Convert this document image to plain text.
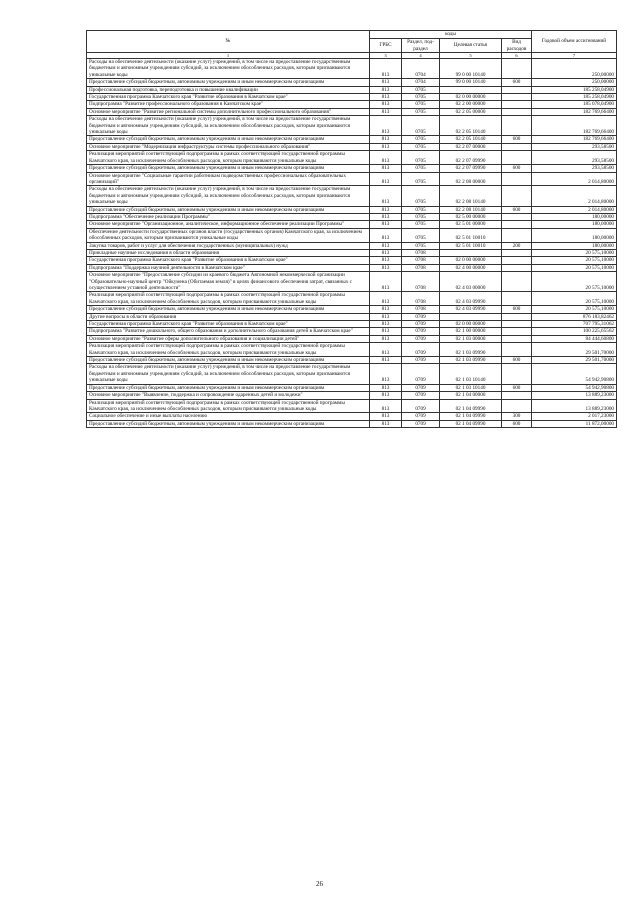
№	коды				Годовой объем ассигнований
	ГРБС	Раздел, под-раздел	Целевая статья	Вид расходов	
1	3	4	5	6	7
Расходы на обеспечение деятельности (оказание услуг) учреждений, в том числе на предоставление государственным бюджетным и автономным учреждениям субсидий, за исключением обособленных расходов, которым присваиваются уникальные коды	813	0704	99 0 00 10140		250,00000
Предоставление субсидий бюджетным, автономным учреждениям и иным некоммерческим организациям	813	0704	99 0 00 10140	600	250,00000
Профессиональная подготовка, переподготовка и повышение квалификации	813	0705			185 258,04900
Государственная программа Камчатского края "Развитие образования в Камчатском крае"	813	0705	02 0 00 00000		185 258,04900
Подпрограмма "Развитие профессионального образования в Камчатском крае"	813	0705	02 2 00 00000		185 078,04900
Основное мероприятие "Развитие региональной системы дополнительного профессионального образования"	813	0705	02 2 05 00000		182 769,66400
Расходы на обеспечение деятельности (оказание услуг) учреждений, в том числе на предоставление государственным бюджетным и автономным учреждениям субсидий, за исключением обособленных расходов, которым присваиваются уникальные коды	813	0705	02 2 05 10140		182 769,66400
Предоставление субсидий бюджетным, автономным учреждениям и иным некоммерческим организациям	813	0705	02 2 05 10140	600	182 769,66400
Основное мероприятие "Модернизация инфраструктуры системы профессионального образования"	813	0705	02 2 07 00000		293,58500
Реализация мероприятий соответствующей подпрограммы в рамках соответствующей государственной программы Камчатского края, за исключением обособленных расходов, которым присваиваются уникальные коды	813	0705	02 2 07 09990		293,58500
Предоставление субсидий бюджетным, автономным учреждениям и иным некоммерческим организациям	813	0705	02 2 07 09990	600	293,58500
Основное мероприятие "Социальные гарантии работникам подведомственных профессиональных образовательных организаций"	813	0705	02 2 08 00000		2 014,80000
Расходы на обеспечение деятельности (оказание услуг) учреждений, в том числе на предоставление государственным бюджетным и автономным учреждениям субсидий, за исключением обособленных расходов, которым присваиваются уникальные коды	813	0705	02 2 08 10140		2 014,80000
Предоставление субсидий бюджетным, автономным учреждениям и иным некоммерческим организациям	813	0705	02 2 08 10140	600	2 014,80000
Подпрограмма "Обеспечение реализации Программы"	813	0705	02 5 00 00000		180,00000
Основное мероприятие "Организационное, аналитическое, информационное обеспечение реализации Программы"	813	0705	02 5 01 00000		180,00000
Обеспечение деятельности государственных органов власти (государственных органов) Камчатского края, за исключением обособленных расходов, которым присваиваются уникальные коды	813	0705	02 5 01 10010		180,00000
Закупка товаров, работ и услуг для обеспечения государственных (муниципальных) нужд	813	0705	02 5 01 10010	200	180,00000
Прикладные научные исследования в области образования	813	0708			20 575,10000
Государственная программа Камчатского края "Развитие образования в Камчатском крае"	813	0708	02 0 00 00000		20 575,10000
Подпрограмма "Поддержка научной деятельности в Камчатском крае"	813	0708	02 4 00 00000		20 575,10000
Основное мероприятие "Предоставление субсидии из краевого бюджета Автономной некоммерческой организации "Образовательно-научный центр "Ойкумена (Обитаемая земля)" в целях финансового обеспечения затрат, связанных с осуществлением уставной деятельности"	813	0708	02 4 03 00000		20 575,10000
Реализация мероприятий соответствующей подпрограммы в рамках соответствующей государственной программы Камчатского края, за исключением обособленных расходов, которым присваиваются уникальные коды	813	0708	02 4 03 09990		20 575,10000
Предоставление субсидий бюджетным, автономным учреждениям и иным некоммерческим организациям	813	0708	02 4 03 09990	600	20 575,10000
Другие вопросы в области образования	813	0709			876 183,82462
Государственная программа Камчатского края "Развитие образования в Камчатском крае"	813	0709	02 0 00 00000		707 795,31062
Подпрограмма "Развитие дошкольного, общего образования и дополнительного образования детей в Камчатском крае"	813	0709	02 1 00 00000		100 225,65562
Основное мероприятие "Развитие сферы дополнительного образования и социализации детей"	813	0709	02 1 03 00000		84 444,60800
Реализация мероприятий соответствующей подпрограммы в рамках соответствующей государственной программы Камчатского края, за исключением обособленных расходов, которым присваиваются уникальные коды	813	0709	02 1 03 09990		29 501,70000
Предоставление субсидий бюджетным, автономным учреждениям и иным некоммерческим организациям	813	0709	02 1 03 09990	600	29 501,70000
Расходы на обеспечение деятельности (оказание услуг) учреждений, в том числе на предоставление государственным бюджетным и автономным учреждениям субсидий, за исключением обособленных расходов, которым присваиваются уникальные коды	813	0709	02 1 03 10140		54 942,90800
Предоставление субсидий бюджетным, автономным учреждениям и иным некоммерческим организациям	813	0709	02 1 03 10140	600	54 942,90800
Основное мероприятие "Выявление, поддержка и сопровождение одаренных детей и молодежи"	813	0709	02 1 04 00000		13 889,23000
Реализация мероприятий соответствующей подпрограммы в рамках соответствующей государственной программы Камчатского края, за исключением обособленных расходов, которым присваиваются уникальные коды	813	0709	02 1 04 09990		13 889,23000
Социальное обеспечение и иные выплаты населению	813	0709	02 1 04 09990	300	2 017,23000
Предоставление субсидий бюджетным, автономным учреждениям и иным некоммерческим организациям	813	0709	02 1 04 09990	600	11 872,00000
26
